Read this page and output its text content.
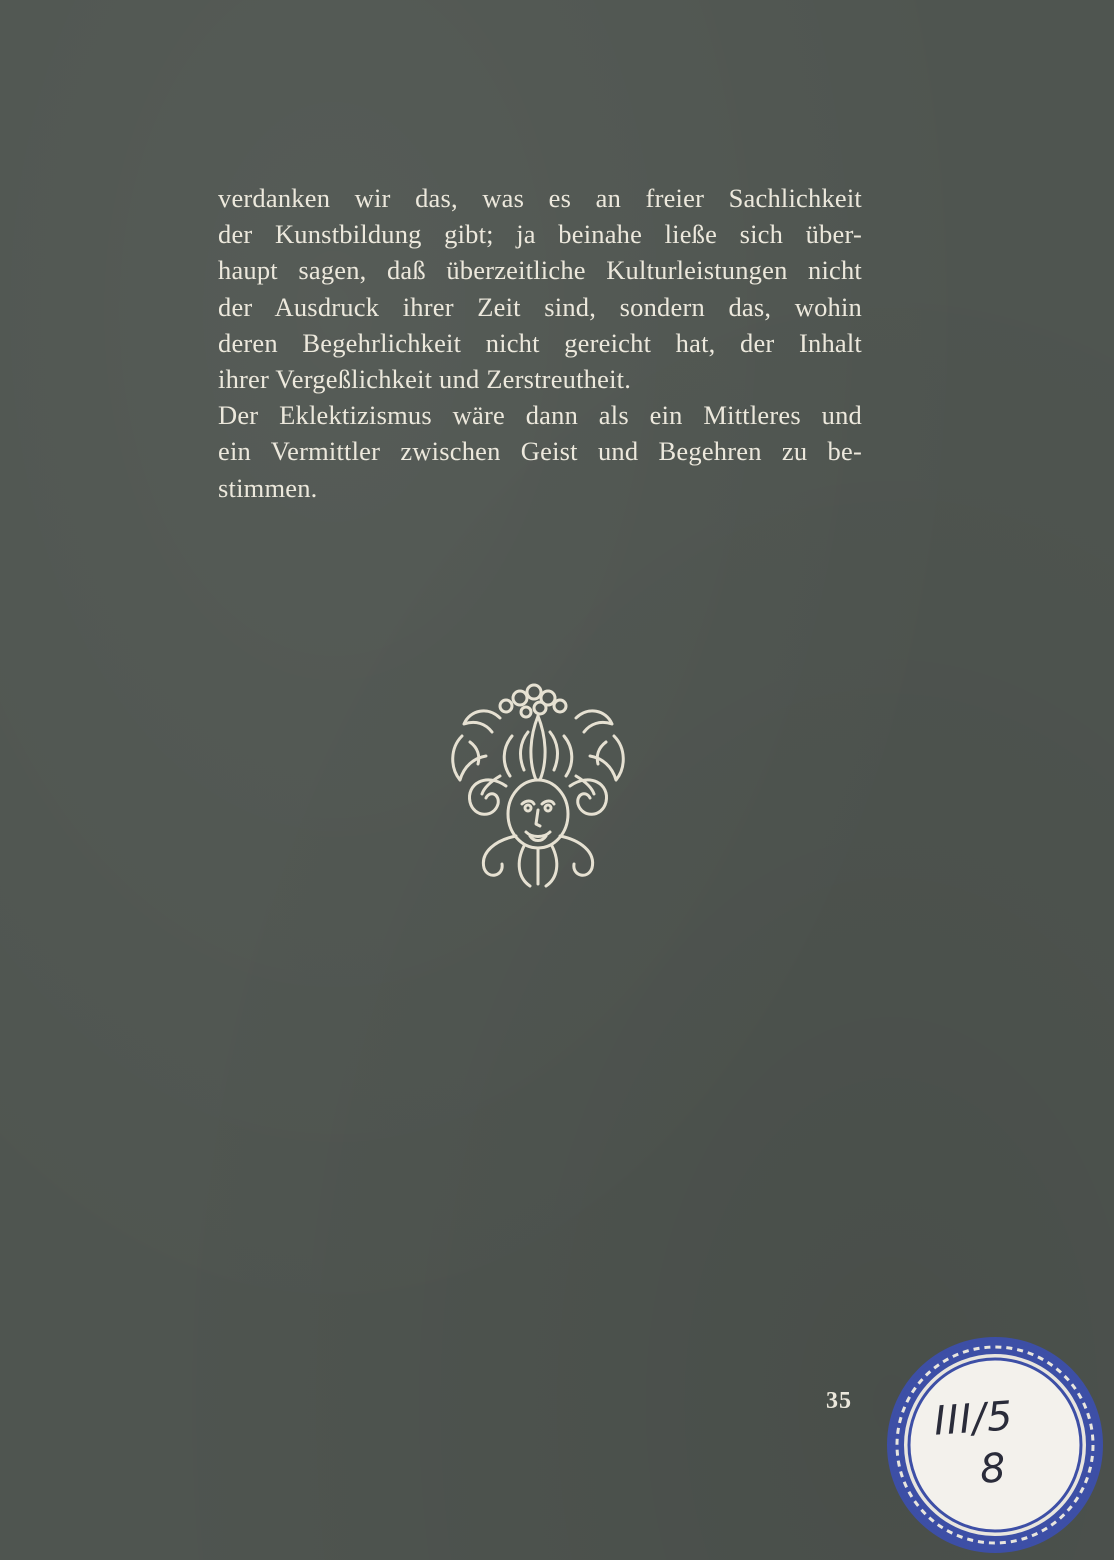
verdanken wir das, was es an freier Sachlichkeit
der Kunstbildung gibt; ja beinahe ließe sich über-
haupt sagen, daß überzeitliche Kulturleistungen nicht
der Ausdruck ihrer Zeit sind, sondern das, wohin
deren Begehrlichkeit nicht gereicht hat, der Inhalt
ihrer Vergeßlichkeit und Zerstreutheit.
Der Eklektizismus wäre dann als ein Mittleres und
ein Vermittler zwischen Geist und Begehren zu be-
stimmen.
35 III/5
8
